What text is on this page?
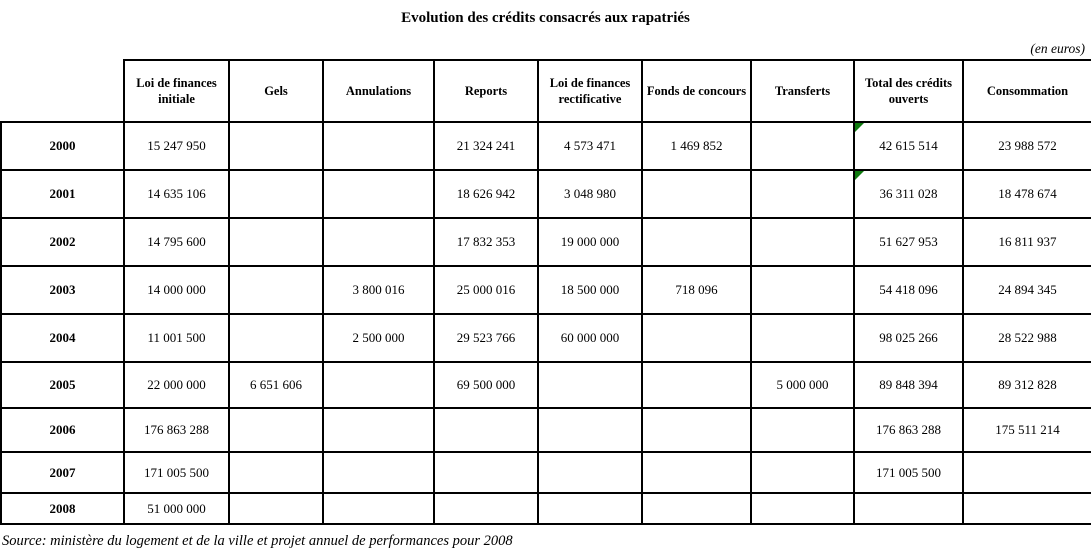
Evolution des crédits consacrés aux rapatriés
(en euros)
	Loi de finances initiale	Gels	Annulations	Reports	Loi de finances rectificative	Fonds de concours	Transferts	Total des crédits ouverts	Consommation
2000	15 247 950			21 324 241	4 573 471	1 469 852		42 615 514	23 988 572
2001	14 635 106			18 626 942	3 048 980			36 311 028	18 478 674
2002	14 795 600			17 832 353	19 000 000			51 627 953	16 811 937
2003	14 000 000		3 800 016	25 000 016	18 500 000	718 096		54 418 096	24 894 345
2004	11 001 500		2 500 000	29 523 766	60 000 000			98 025 266	28 522 988
2005	22 000 000	6 651 606		69 500 000			5 000 000	89 848 394	89 312 828
2006	176 863 288							176 863 288	175 511 214
2007	171 005 500							171 005 500	
2008	51 000 000								
Source: ministère du logement et de la ville et projet annuel de performances pour 2008
